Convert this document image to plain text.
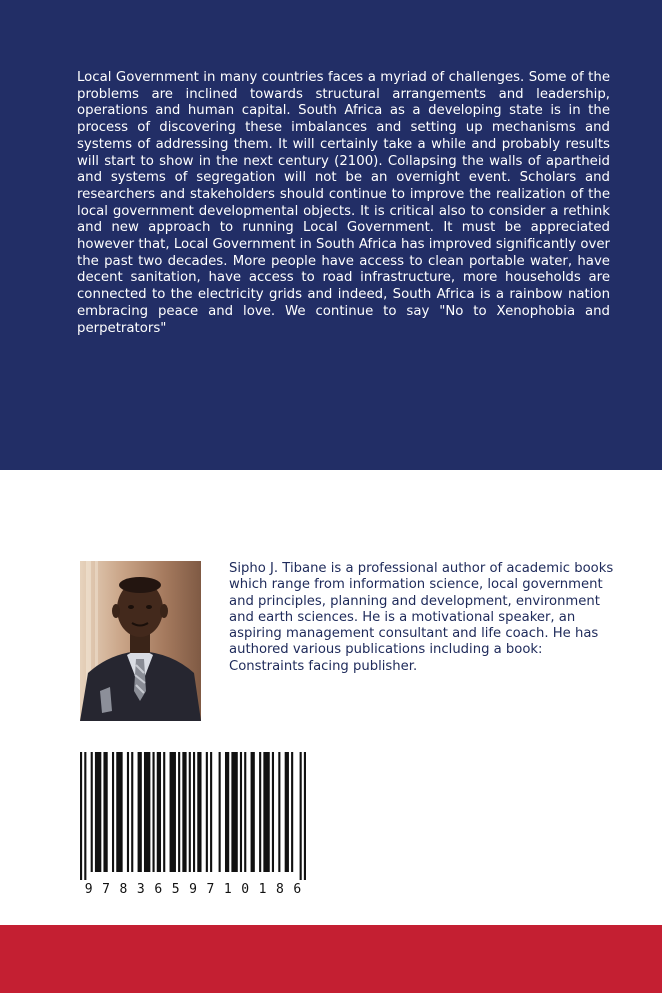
Local Government in many countries faces a myriad of challenges. Some of the problems are inclined towards structural arrangements and leadership, operations and human capital. South Africa as a developing state is in the process of discovering these imbalances and setting up mechanisms and systems of addressing them. It will certainly take a while and probably results will start to show in the next century (2100). Collapsing the walls of apartheid and systems of segregation will not be an overnight event. Scholars and researchers and stakeholders should continue to improve the realization of the local government developmental objects. It is critical also to consider a rethink and new approach to running Local Government. It must be appreciated however that, Local Government in South Africa has improved significantly over the past two decades. More people have access to clean portable water, have decent sanitation, have access to road infrastructure, more households are connected to the electricity grids and indeed, South Africa is a rainbow nation embracing peace and love. We continue to say "No to Xenophobia and perpetrators"

Sipho J. Tibane is a professional author of academic books which range from information science, local government and principles, planning and development, environment and earth sciences. He is a motivational speaker, an aspiring management consultant and life coach. He has authored various publications including a book: Constraints facing publisher.

9 7 8 3 6 5 9 7 1 0 1 8 6
